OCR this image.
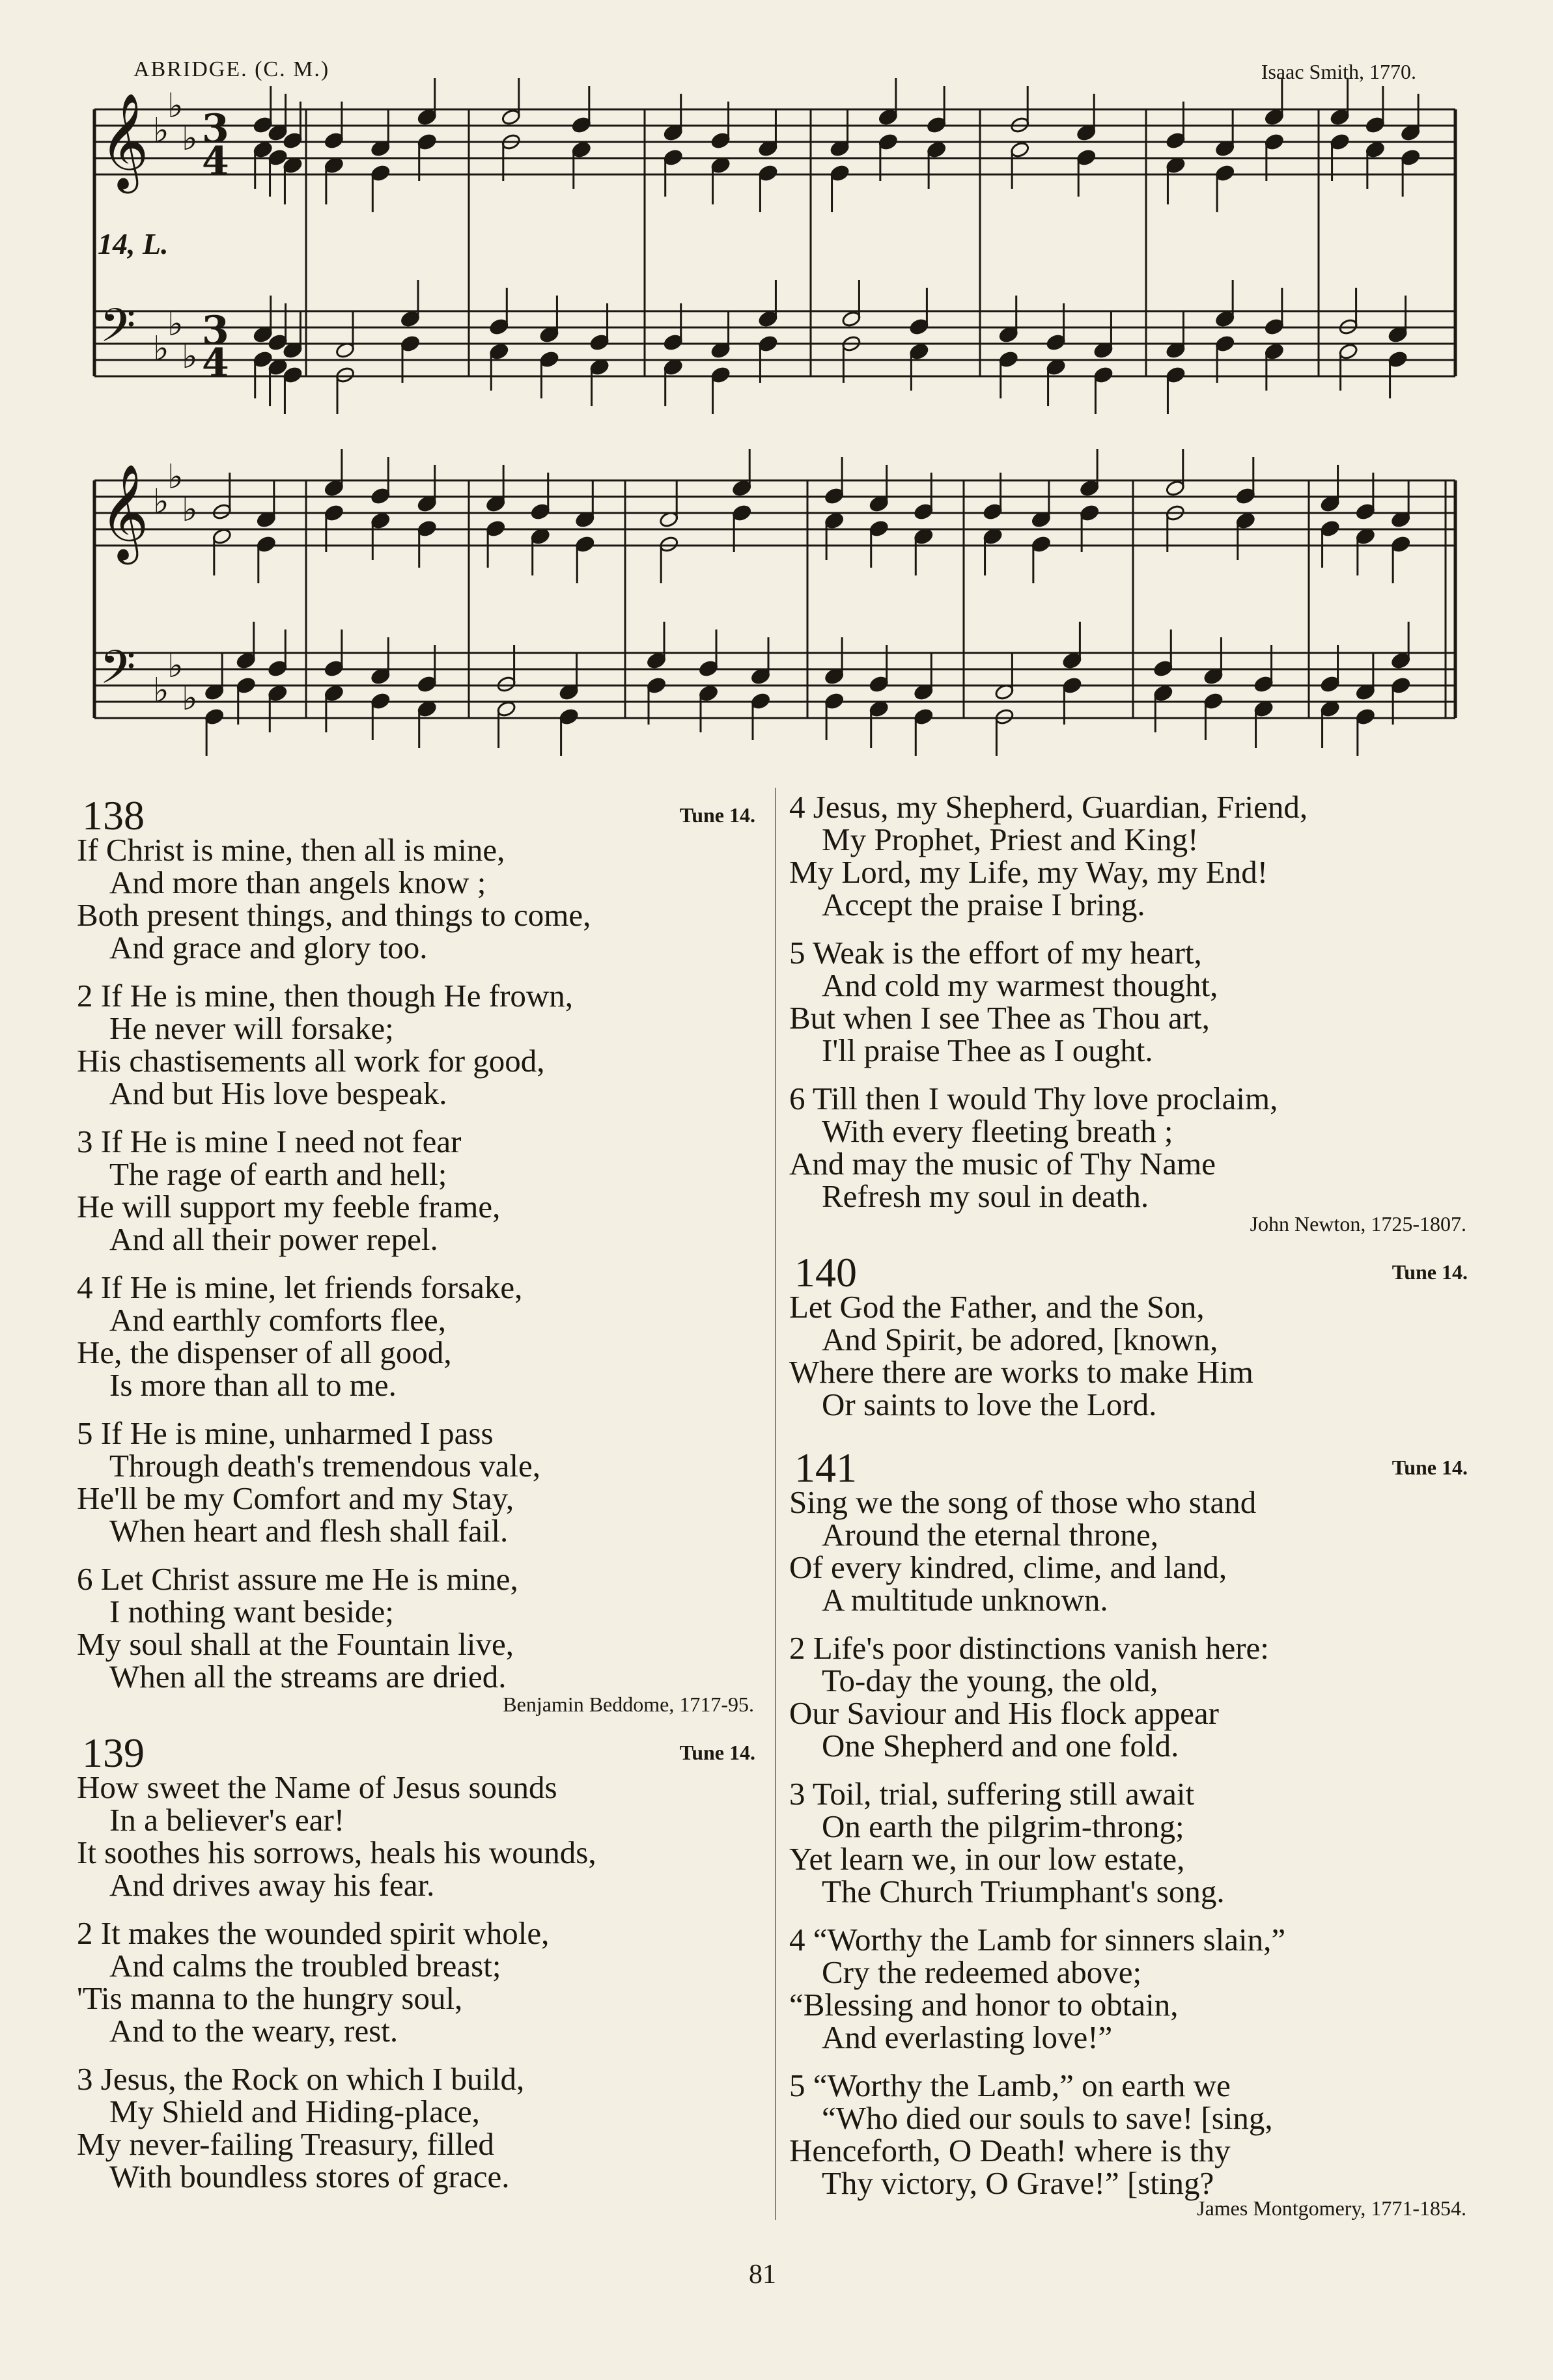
ABRIDGE. (C. M.)	Isaac Smith, 1770.
14, L.
𝄞 ♭
♭
♭ 3
4
𝄢 ♭
♭
♭
3
4
𝄞 ♭
♭
♭
𝄢 ♭
♭
♭
138	Tune 14.
If Christ is mine, then all is mine,
And more than angels know ;
Both present things, and things to come,
And grace and glory too.
2 If He is mine, then though He frown,
He never will forsake;
His chastisements all work for good,
And but His love bespeak.
3 If He is mine I need not fear
The rage of earth and hell;
He will support my feeble frame,
And all their power repel.
4 If He is mine, let friends forsake,
And earthly comforts flee,
He, the dispenser of all good,
Is more than all to me.
5 If He is mine, unharmed I pass
Through death's tremendous vale,
He'll be my Comfort and my Stay,
When heart and flesh shall fail.
6 Let Christ assure me He is mine,
I nothing want beside;
My soul shall at the Fountain live,
When all the streams are dried.
Benjamin Beddome, 1717-95.
139	Tune 14.
How sweet the Name of Jesus sounds
In a believer's ear!
It soothes his sorrows, heals his wounds,
And drives away his fear.
2 It makes the wounded spirit whole,
And calms the troubled breast;
'Tis manna to the hungry soul,
And to the weary, rest.
3 Jesus, the Rock on which I build,
My Shield and Hiding-place,
My never-failing Treasury, filled
With boundless stores of grace.
4 Jesus, my Shepherd, Guardian, Friend,
My Prophet, Priest and King!
My Lord, my Life, my Way, my End!
Accept the praise I bring.
5 Weak is the effort of my heart,
And cold my warmest thought,
But when I see Thee as Thou art,
I'll praise Thee as I ought.
6 Till then I would Thy love proclaim,
With every fleeting breath ;
And may the music of Thy Name
Refresh my soul in death.
John Newton, 1725-1807.
140	Tune 14.
Let God the Father, and the Son,
And Spirit, be adored, [known,
Where there are works to make Him
Or saints to love the Lord.
141	Tune 14.
Sing we the song of those who stand
Around the eternal throne,
Of every kindred, clime, and land,
A multitude unknown.
2 Life's poor distinctions vanish here:
To-day the young, the old,
Our Saviour and His flock appear
One Shepherd and one fold.
3 Toil, trial, suffering still await
On earth the pilgrim-throng;
Yet learn we, in our low estate,
The Church Triumphant's song.
4 “Worthy the Lamb for sinners slain,”
Cry the redeemed above;
“Blessing and honor to obtain,
And everlasting love!”
5 “Worthy the Lamb,” on earth we
“Who died our souls to save! [sing,
Henceforth, O Death! where is thy
Thy victory, O Grave!” [sting?
James Montgomery, 1771-1854.
81
